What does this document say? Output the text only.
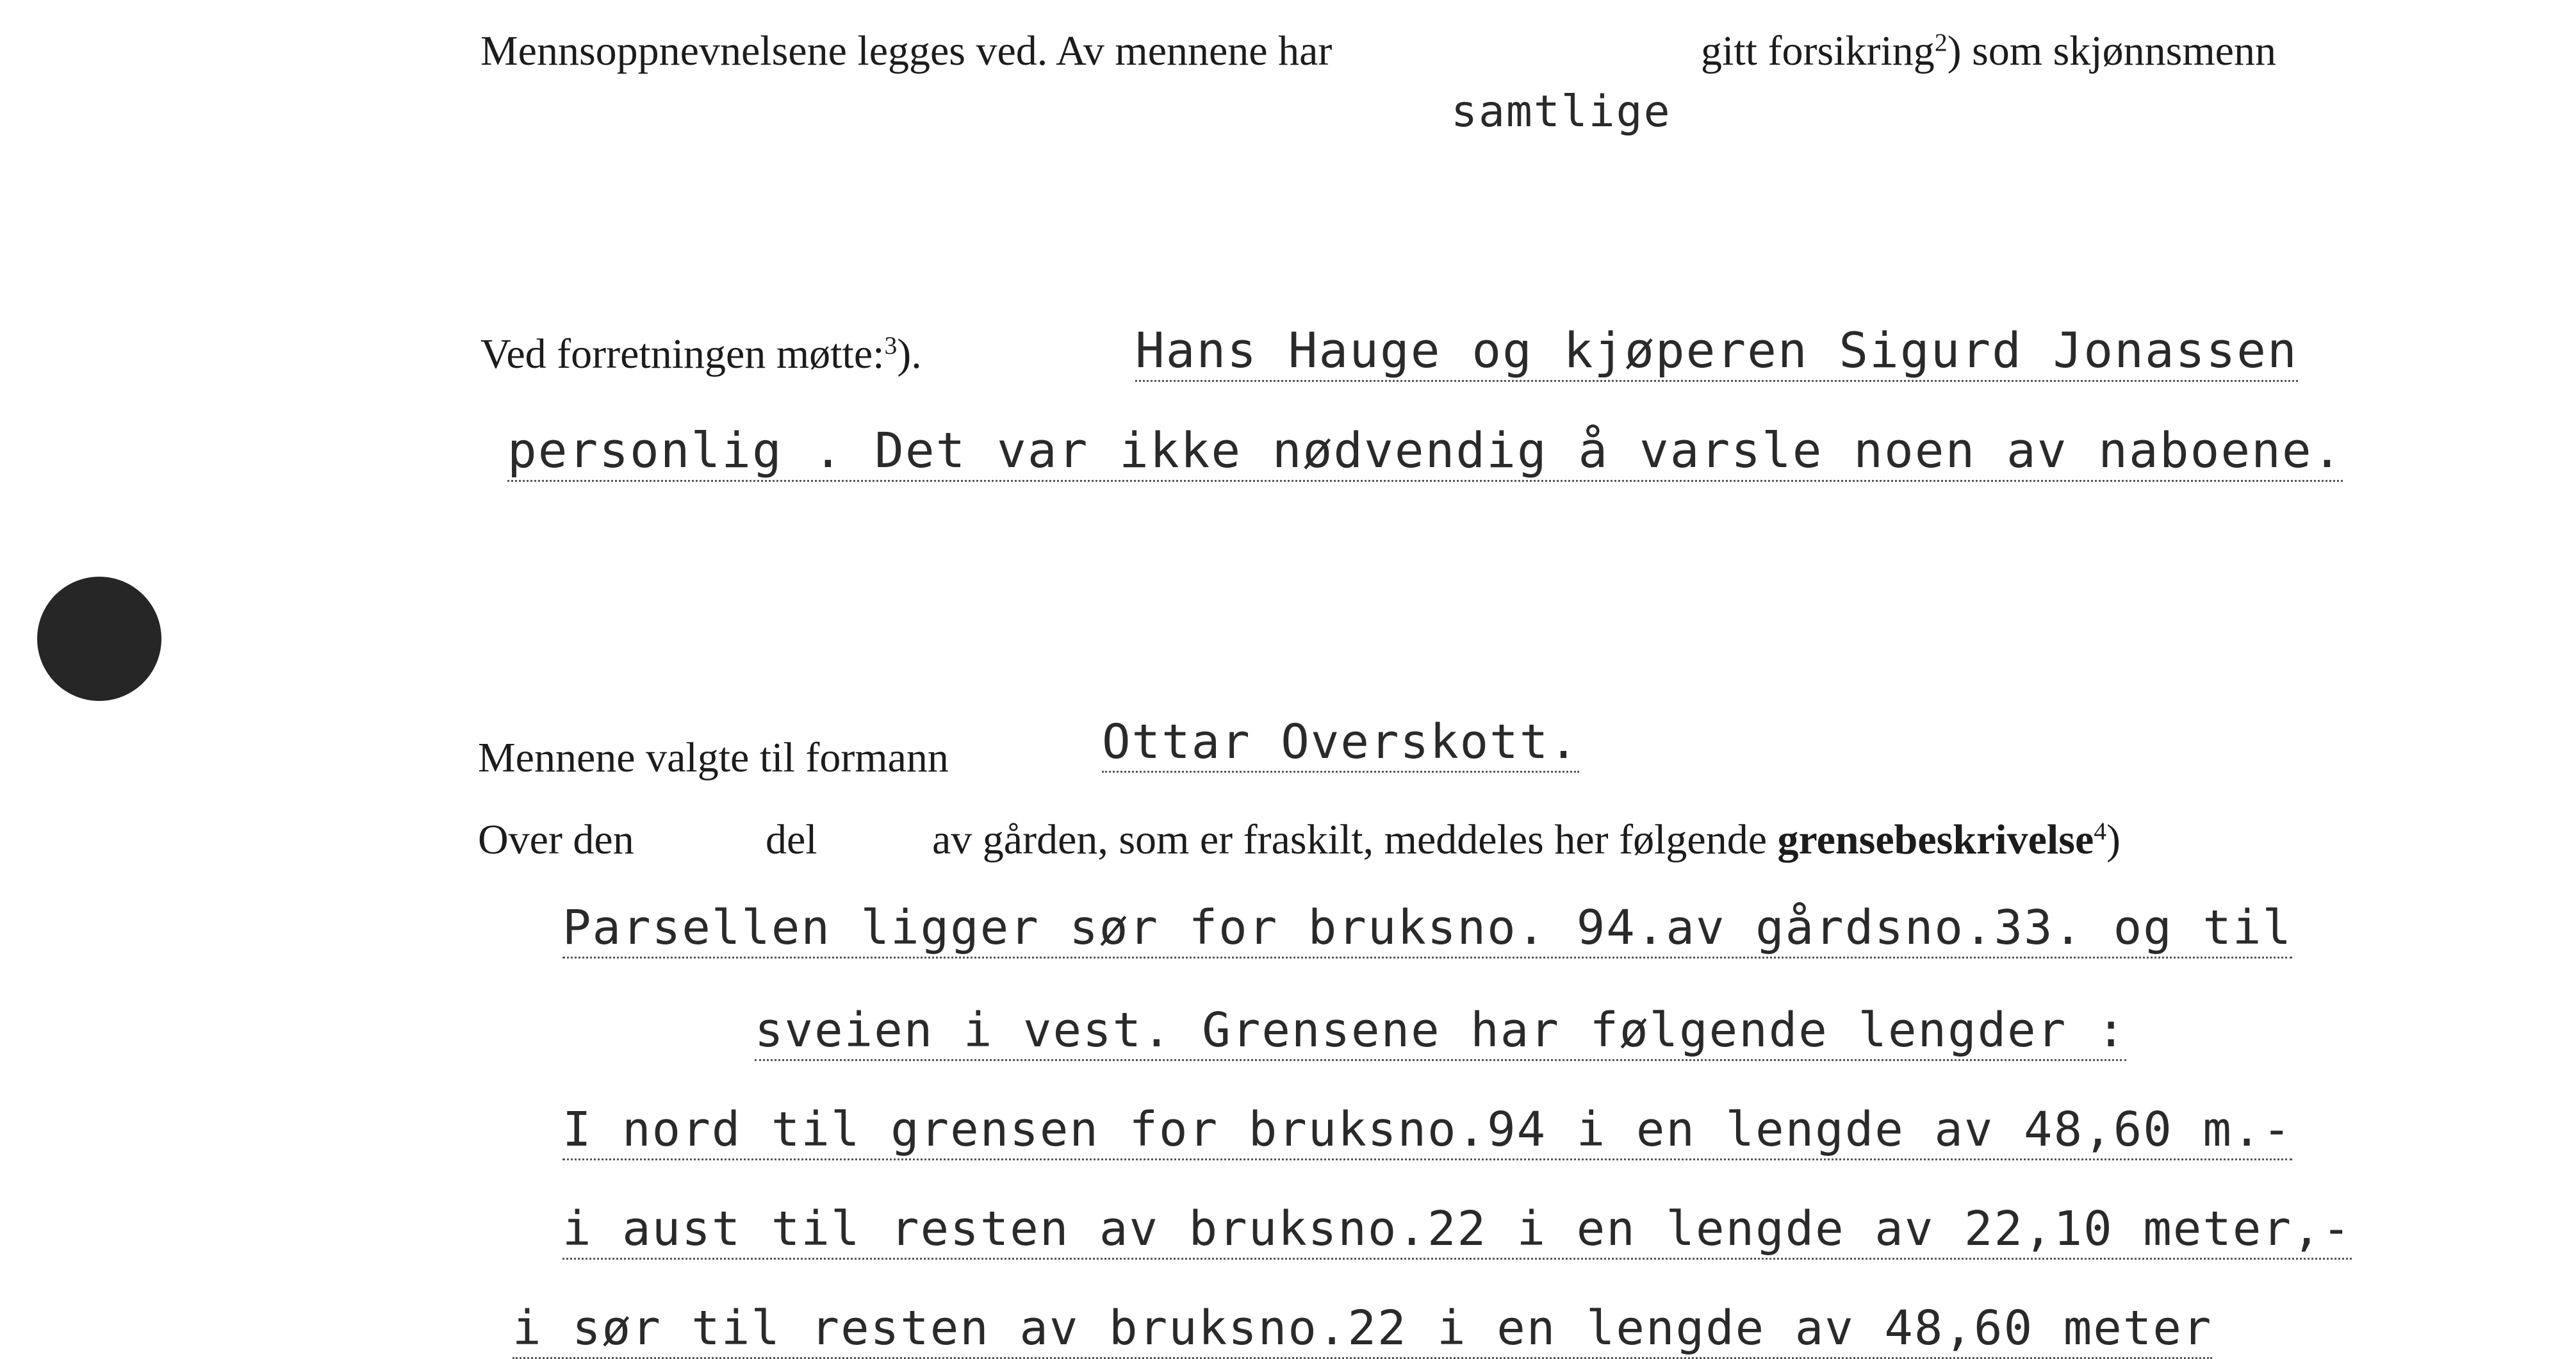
Mennsoppnevnelsene legges ved. Av mennene har	gitt forsikring$^2$) som skjønnsmenn
samtlige
Ved forretningen møtte:$^3$).	Hans Hauge og kjøperen Sigurd Jonassen
personlig . Det var ikke nødvendig å varsle noen av naboene.
Mennene valgte til formann	Ottar Overskott.
Over den	del	av gården, som er fraskilt, meddeles her følgende grensebeskrivelse$^4$)
Parsellen ligger sør for bruksno. 94.av gårdsno.33. og til
sveien i vest. Grensene har følgende lengder :
I nord til grensen for bruksno.94 i en lengde av 48,60 m.-
i aust til resten av bruksno.22 i en lengde av 22,10 meter,-
i sør til resten av bruksno.22 i en lengde av 48,60 meter
